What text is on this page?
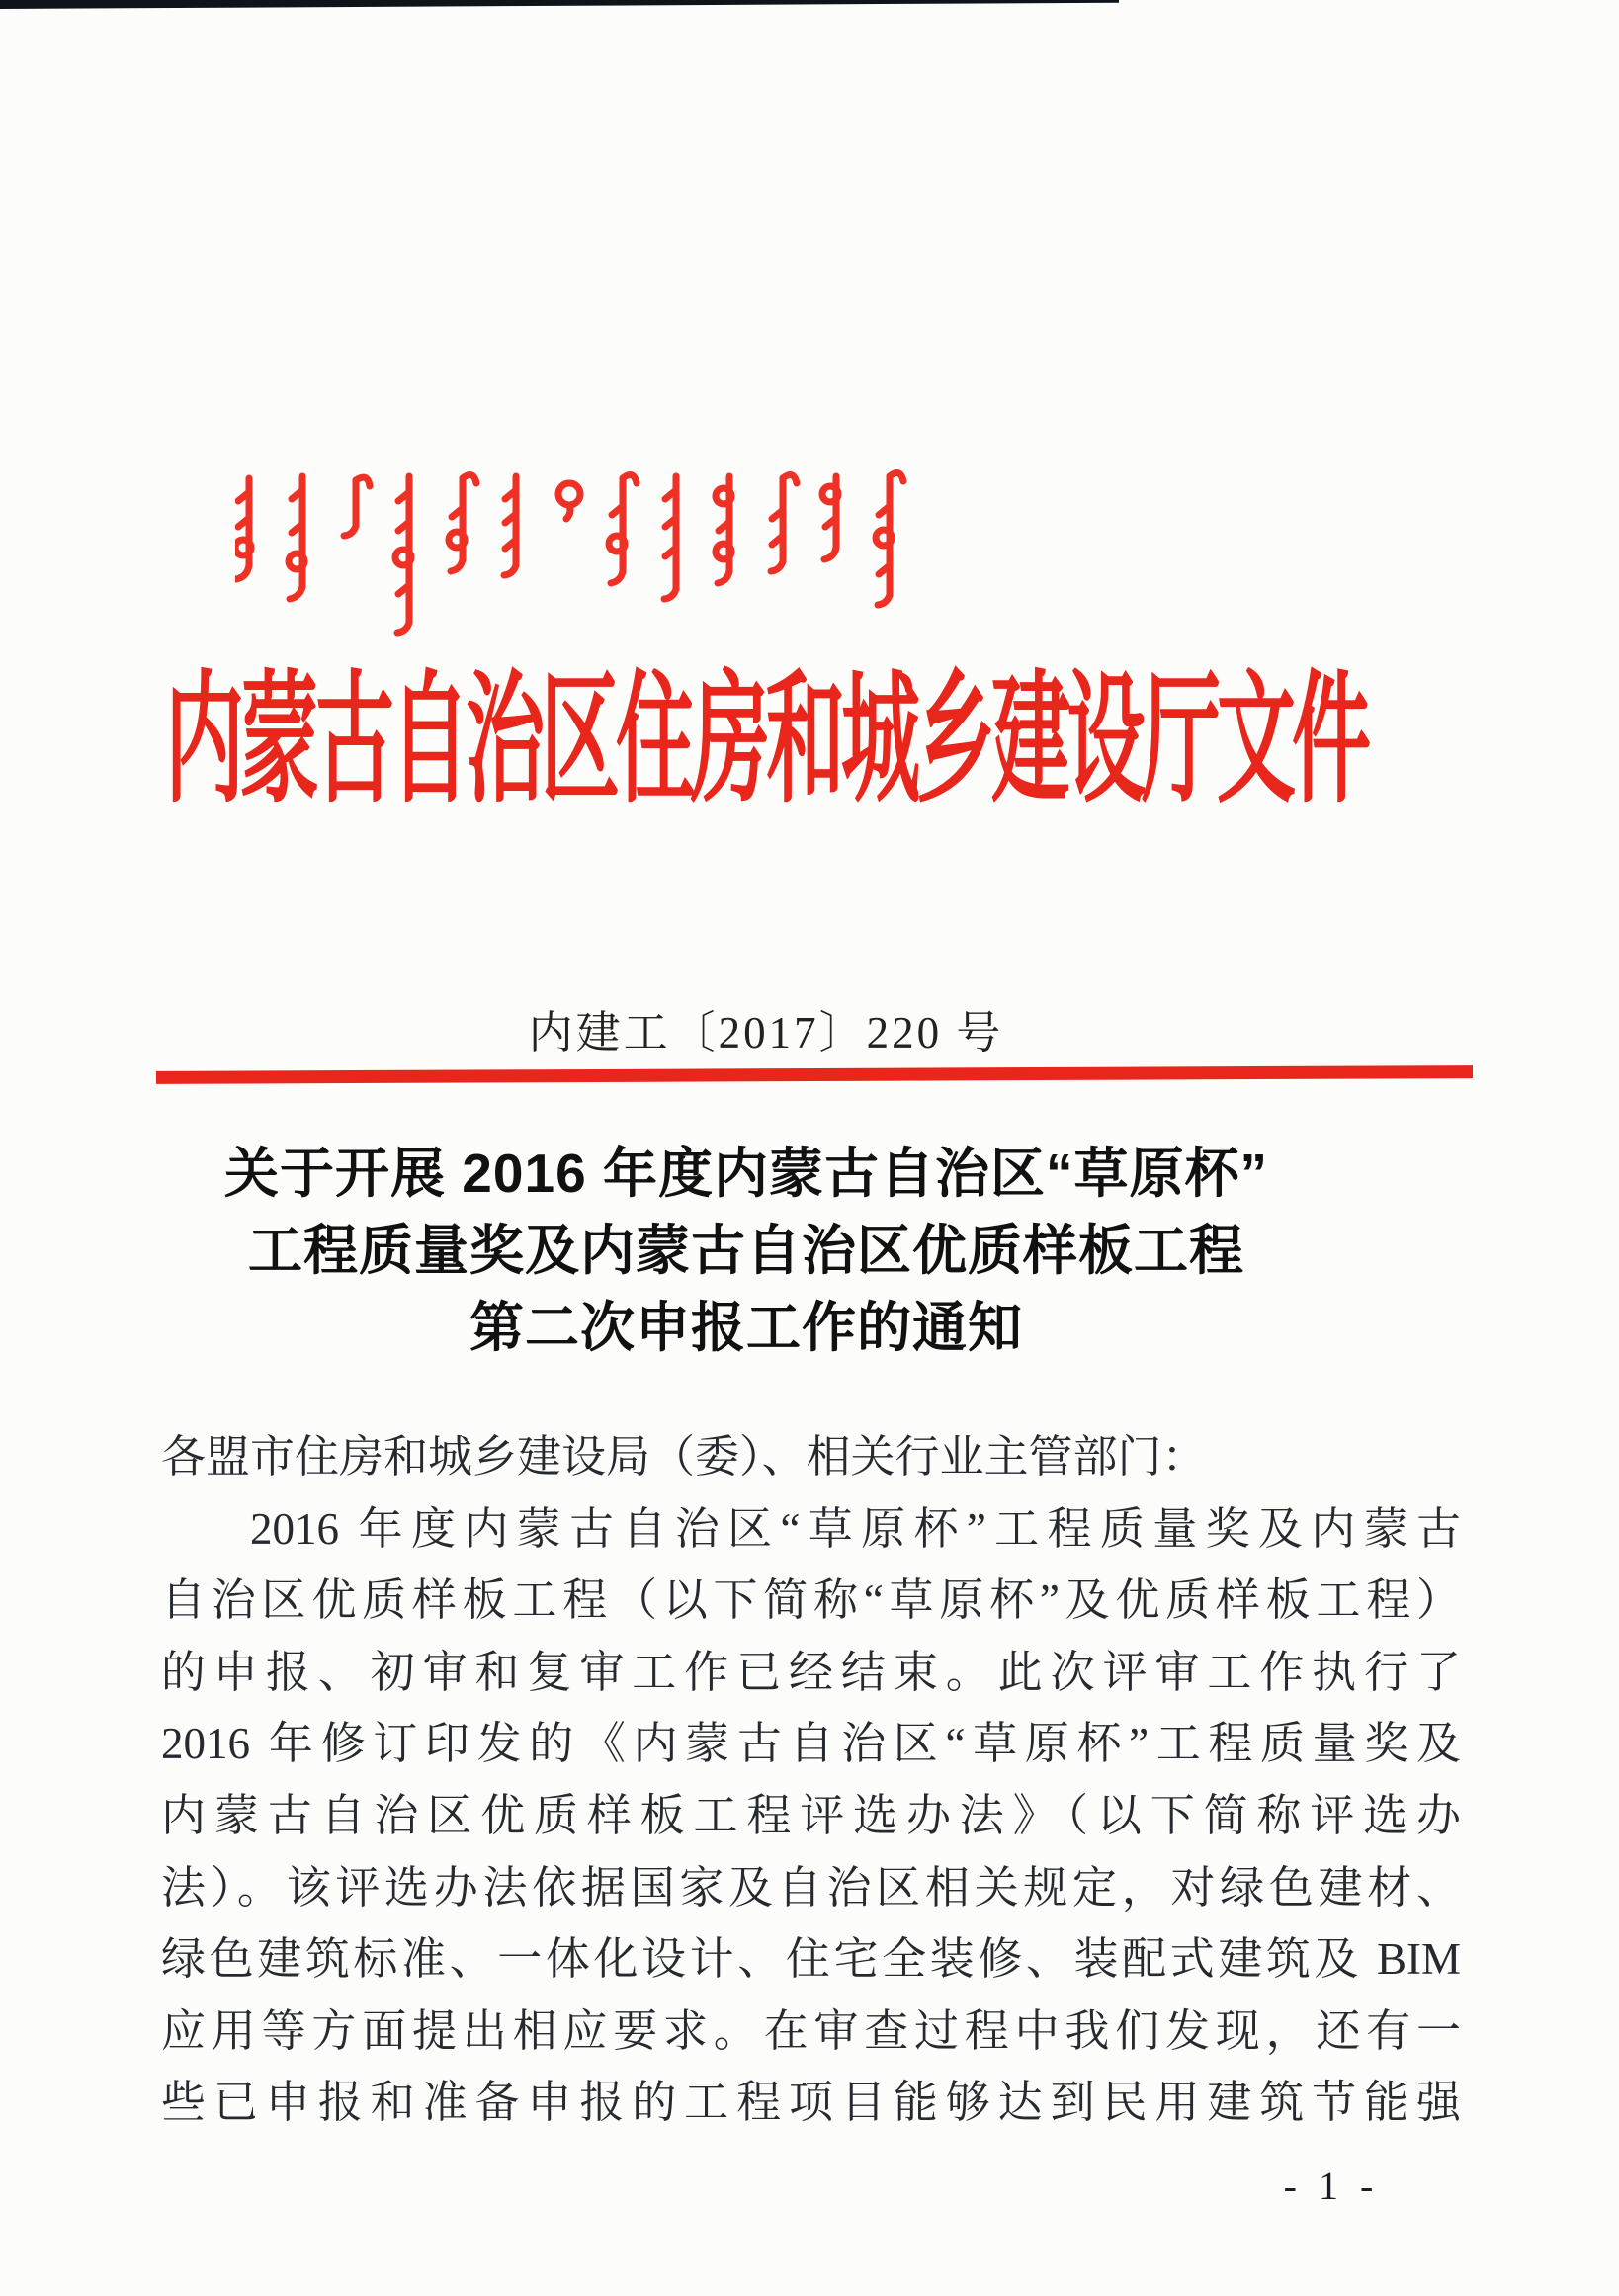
内蒙古自治区住房和城乡建设厅文件
内建工〔2017〕220 号
关于开展 2016 年度内蒙古自治区“草原杯”
工程质量奖及内蒙古自治区优质样板工程
第二次申报工作的通知
各盟市住房和城乡建设局（委）、相关行业主管部门：
2016 年度内蒙古自治区“草原杯”工程质量奖及内蒙古
自治区优质样板工程（以下简称“草原杯”及优质样板工程）
的申报、初审和复审工作已经结束。此次评审工作执行了
2016 年修订印发的《内蒙古自治区“草原杯”工程质量奖及
内蒙古自治区优质样板工程评选办法》（以下简称评选办
法）。该评选办法依据国家及自治区相关规定，对绿色建材、
绿色建筑标准、一体化设计、住宅全装修、装配式建筑及 BIM
应用等方面提出相应要求。在审查过程中我们发现，还有一
些已申报和准备申报的工程项目能够达到民用建筑节能强
- 1 -
